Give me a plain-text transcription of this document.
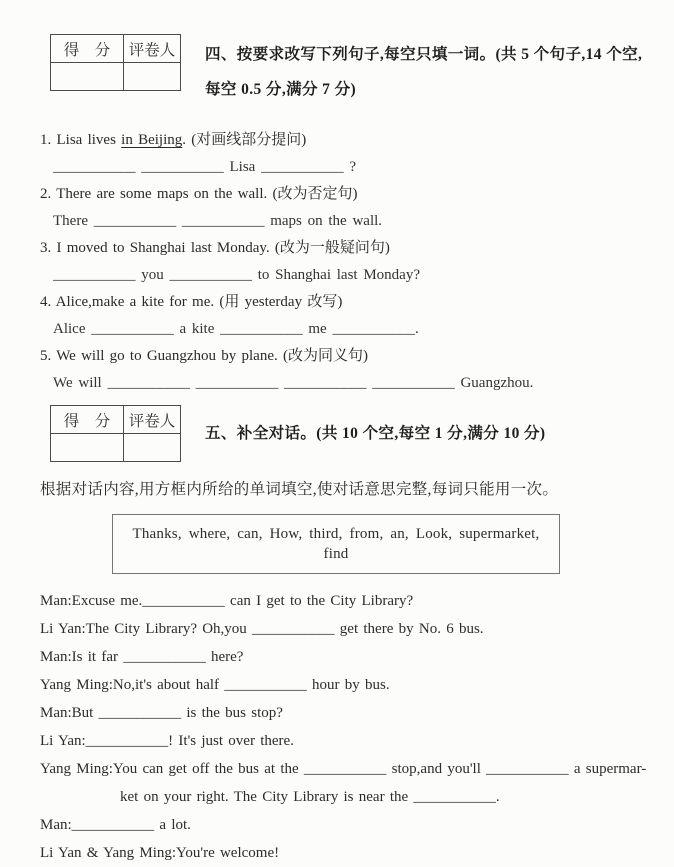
得　分	评卷人
	四、按要求改写下列句子,每空只填一词。(共 5 个句子,14 个空,
每空 0.5 分,满分 7 分)

1. Lisa lives in Beijing. (对画线部分提问)

___________ ___________ Lisa ___________ ?

2. There are some maps on the wall. (改为否定句)

There ___________ ___________ maps on the wall.

3. I moved to Shanghai last Monday. (改为一般疑问句)

___________ you ___________ to Shanghai last Monday?

4. Alice,make a kite for me. (用 yesterday 改写)

Alice ___________ a kite ___________ me ___________.

5. We will go to Guangzhou by plane. (改为同义句)

We will ___________ ___________ ___________ ___________ Guangzhou.

得　分	评卷人

五、补全对话。(共 10 个空,每空 1 分,满分 10 分)

根据对话内容,用方框内所给的单词填空,使对话意思完整,每词只能用一次。

Thanks, where, can, How, third, from, an, Look, supermarket, find

Man:Excuse me.___________ can I get to the City Library?

Li Yan:The City Library? Oh,you ___________ get there by No. 6 bus.

Man:Is it far ___________ here?

Yang Ming:No,it's about half ___________ hour by bus.

Man:But ___________ is the bus stop?

Li Yan:___________! It's just over there.

Yang Ming:You can get off the bus at the ___________ stop,and you'll ___________ a supermar-

ket on your right. The City Library is near the ___________.

Man:___________ a lot.

Li Yan & Yang Ming:You're welcome!
